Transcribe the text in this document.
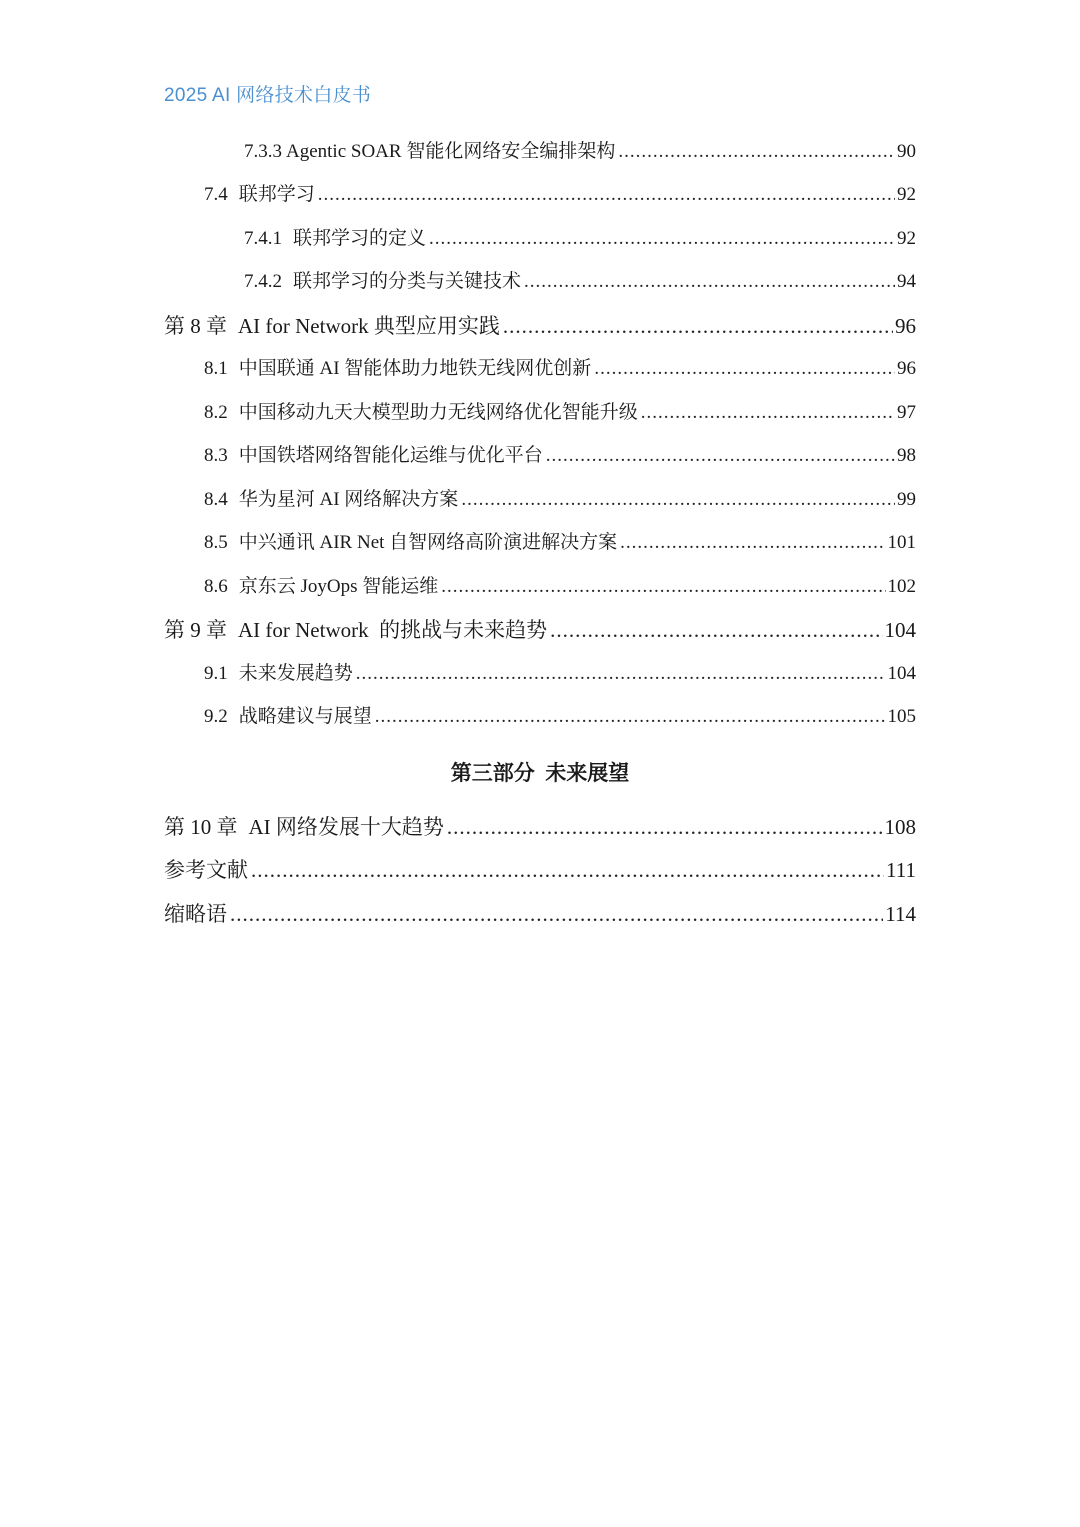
2025 AI 网络技术白皮书
7.3.3 Agentic SOAR 智能化网络安全编排架构 .....	90
7.4 联邦学习 .....	92
7.4.1 联邦学习的定义 .....	92
7.4.2 联邦学习的分类与关键技术 .....	94
第 8 章 AI for Network 典型应用实践 .....	96
8.1 中国联通 AI 智能体助力地铁无线网优创新 .....	96
8.2 中国移动九天大模型助力无线网络优化智能升级 .....	97
8.3 中国铁塔网络智能化运维与优化平台 .....	98
8.4 华为星河 AI 网络解决方案 .....	99
8.5 中兴通讯 AIR Net 自智网络高阶演进解决方案 .....	101
8.6 京东云 JoyOps 智能运维 .....	102
第 9 章 AI for Network  的挑战与未来趋势 .....	104
9.1 未来发展趋势 .....	104
9.2 战略建议与展望 .....	105
第三部分  未来展望
第 10 章 AI 网络发展十大趋势 .....	108
参考文献 .....	111
缩略语 .....	114
